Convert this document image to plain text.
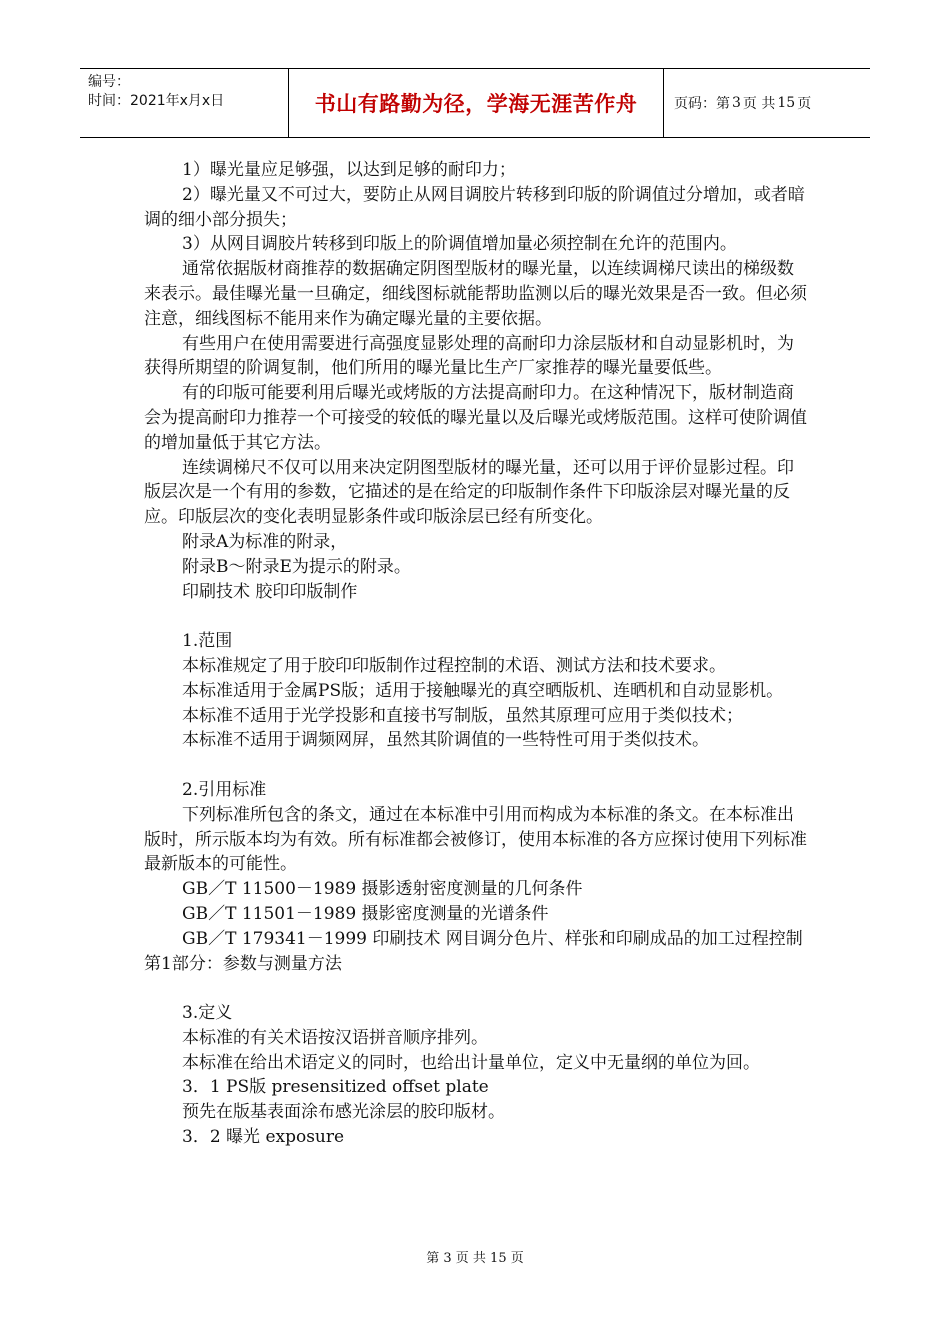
编号：
时间：2021年x月x日	书山有路勤为径，学海无涯苦作舟	页码：第 3 页 共 15 页

1）曝光量应足够强，以达到足够的耐印力；

2）曝光量又不可过大，要防止从网目调胶片转移到印版的阶调值过分增加，或者暗调的细小部分损失；

3）从网目调胶片转移到印版上的阶调值增加量必须控制在允许的范围内。

通常依据版材商推荐的数据确定阴图型版材的曝光量，以连续调梯尺读出的梯级数来表示。最佳曝光量一旦确定，细线图标就能帮助监测以后的曝光效果是否一致。但必须注意，细线图标不能用来作为确定曝光量的主要依据。

有些用户在使用需要进行高强度显影处理的高耐印力涂层版材和自动显影机时，为获得所期望的阶调复制，他们所用的曝光量比生产厂家推荐的曝光量要低些。

有的印版可能要利用后曝光或烤版的方法提高耐印力。在这种情况下，版材制造商会为提高耐印力推荐一个可接受的较低的曝光量以及后曝光或烤版范围。这样可使阶调值的增加量低于其它方法。

连续调梯尺不仅可以用来决定阴图型版材的曝光量，还可以用于评价显影过程。印版层次是一个有用的参数，它描述的是在给定的印版制作条件下印版涂层对曝光量的反应。印版层次的变化表明显影条件或印版涂层已经有所变化。

附录A为标准的附录，

附录B～附录E为提示的附录。

印刷技术 胶印印版制作

1.范围

本标准规定了用于胶印印版制作过程控制的术语、测试方法和技术要求。

本标准适用于金属PS版；适用于接触曝光的真空晒版机、连晒机和自动显影机。

本标准不适用于光学投影和直接书写制版，虽然其原理可应用于类似技术；

本标准不适用于调频网屏，虽然其阶调值的一些特性可用于类似技术。

2.引用标准

下列标准所包含的条文，通过在本标准中引用而构成为本标准的条文。在本标准出版时，所示版本均为有效。所有标准都会被修订，使用本标准的各方应探讨使用下列标准最新版本的可能性。

GB／T 11500－1989 摄影透射密度测量的几何条件

GB／T 11501－1989 摄影密度测量的光谱条件

GB／T 179341－1999 印刷技术 网目调分色片、样张和印刷成品的加工过程控制第1部分：参数与测量方法

3.定义

本标准的有关术语按汉语拼音顺序排列。

本标准在给出术语定义的同时，也给出计量单位，定义中无量纲的单位为回。

3．1 PS版 presensitized offset plate

预先在版基表面涂布感光涂层的胶印版材。

3．2 曝光 exposure

第 3 页 共 15 页
